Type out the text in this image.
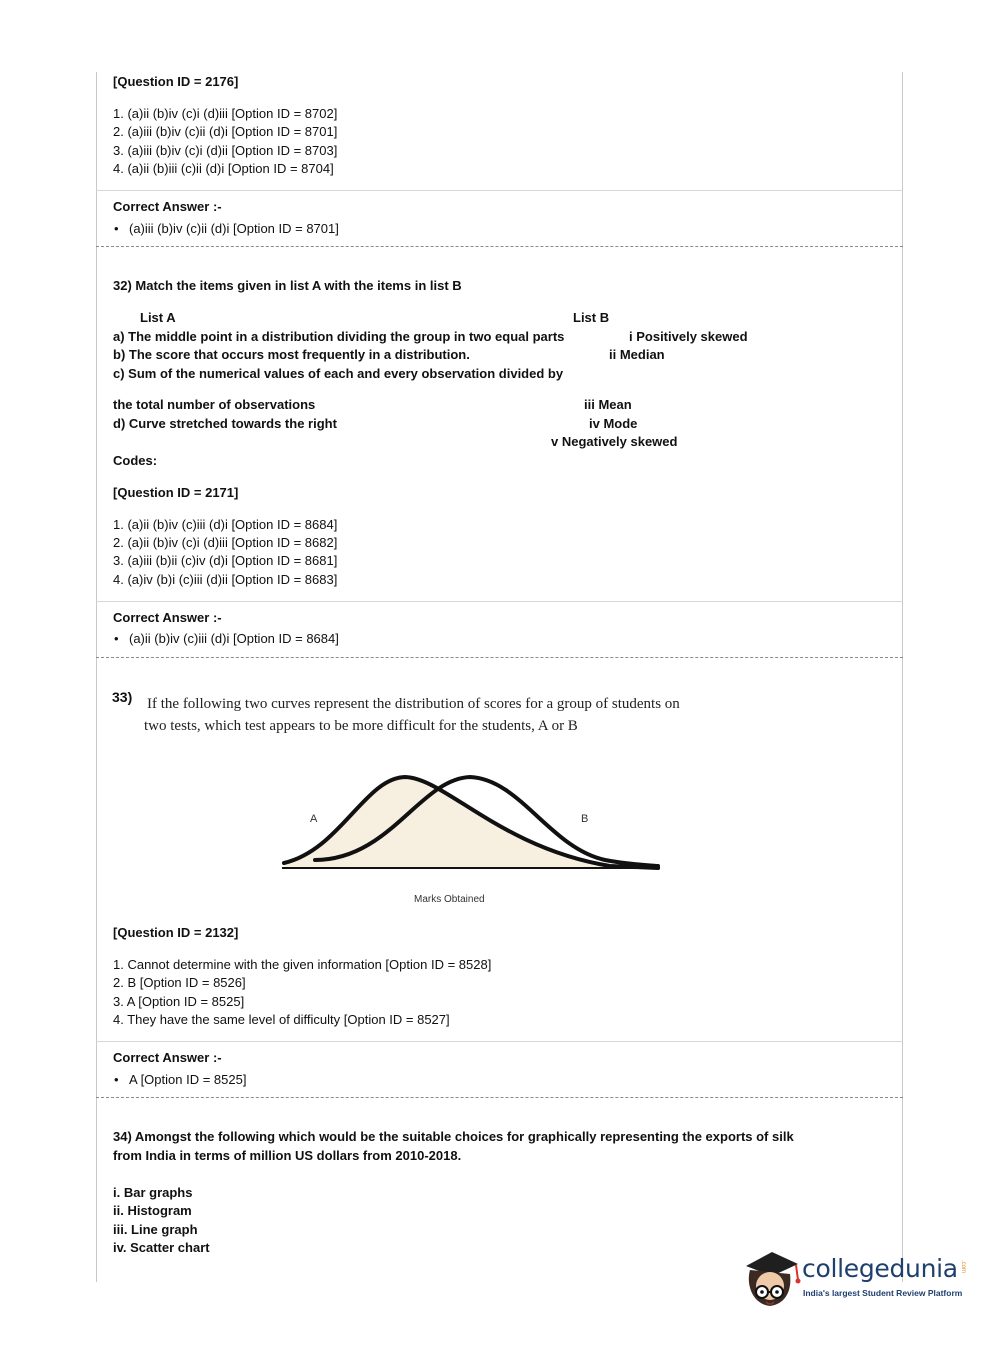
[Question ID = 2176]
1. (a)ii (b)iv (c)i (d)iii [Option ID = 8702]
2. (a)iii (b)iv (c)ii (d)i [Option ID = 8701]
3. (a)iii (b)iv (c)i (d)ii [Option ID = 8703]
4. (a)ii (b)iii (c)ii (d)i [Option ID = 8704]
Correct Answer :-
• (a)iii (b)iv (c)ii (d)i [Option ID = 8701]
32) Match the items given in list A with the items in list B
List A	List B
a) The middle point in a distribution dividing the group in two equal parts	i Positively skewed
b) The score that occurs most frequently in a distribution.	ii Median
c) Sum of the numerical values of each and every observation divided by
the total number of observations	iii Mean
d) Curve stretched towards the right	iv Mode
v Negatively skewed
Codes:
[Question ID = 2171]
1. (a)ii (b)iv (c)iii (d)i [Option ID = 8684]
2. (a)ii (b)iv (c)i (d)iii [Option ID = 8682]
3. (a)iii (b)ii (c)iv (d)i [Option ID = 8681]
4. (a)iv (b)i (c)iii (d)ii [Option ID = 8683]
Correct Answer :-
• (a)ii (b)iv (c)iii (d)i [Option ID = 8684]
33) If the following two curves represent the distribution of scores for a group of students on
two tests, which test appears to be more difficult for the students, A or B
A	B
Marks Obtained
[Question ID = 2132]
1. Cannot determine with the given information [Option ID = 8528]
2. B [Option ID = 8526]
3. A [Option ID = 8525]
4. They have the same level of difficulty [Option ID = 8527]
Correct Answer :-
• A [Option ID = 8525]
34) Amongst the following which would be the suitable choices for graphically representing the exports of silk
from India in terms of million US dollars from 2010-2018.
i. Bar graphs
ii. Histogram
iii. Line graph
iv. Scatter chart
collegedunia .com
India's largest Student Review Platform
